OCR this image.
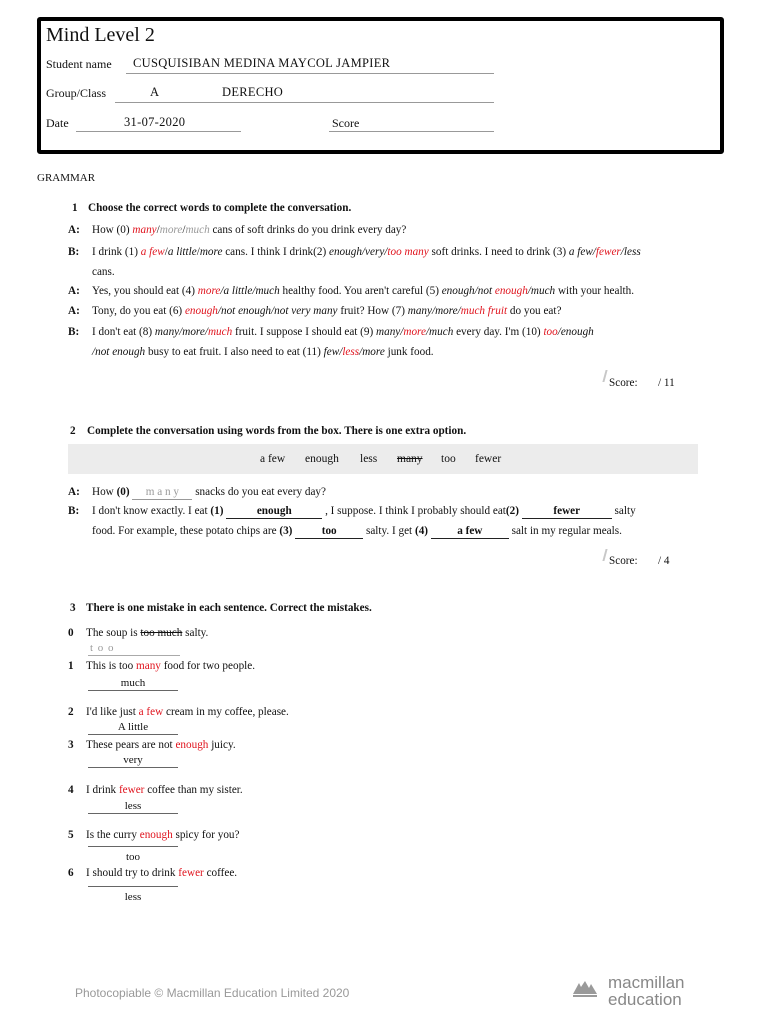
Mind Level 2
Student name CUSQUISIBAN MEDINA MAYCOL JAMPIER
Group/Class	A	DERECHO
Date	31-07-2020	Score
GRAMMAR
1 Choose the correct words to complete the conversation.
A: How (0) many/more/much cans of soft drinks do you drink every day?
B: I drink (1) a few/a little/more cans. I think I drink(2) enough/very/too many soft drinks. I need to drink (3) a few/fewer/less
cans.
A: Yes, you should eat (4) more/a little/much healthy food. You aren't careful (5) enough/not enough/much with your health.
A: Tony, do you eat (6) enough/not enough/not very many fruit? How (7) many/more/much fruit do you eat?
B: I don't eat (8) many/more/much fruit. I suppose I should eat (9) many/more/much every day. I'm (10) too/enough
/not enough busy to eat fruit. I also need to eat (11) few/less/more junk food.
Score: / 11
2 Complete the conversation using words from the box. There is one extra option.
a few enough less many too fewer
A: How (0) m a n y snacks do you eat every day?
B: I don't know exactly. I eat (1)	enough	, I suppose. I think I probably should eat(2)	fewer	salty
food. For example, these potato chips are (3)	too salty. I get (4)	a few salt in my regular meals.
Score: / 4
3 There is one mistake in each sentence. Correct the mistakes.
0 The soup is too much salty.
t o o
1 This is too many food for two people.
much
2 I'd like just a few cream in my coffee, please.
A little
3 These pears are not enough juicy.
very
4 I drink fewer coffee than my sister.
less
5 Is the curry enough spicy for you?
too
6 I should try to drink fewer coffee.
less
Photocopiable © Macmillan Education Limited 2020
macmillan
education
